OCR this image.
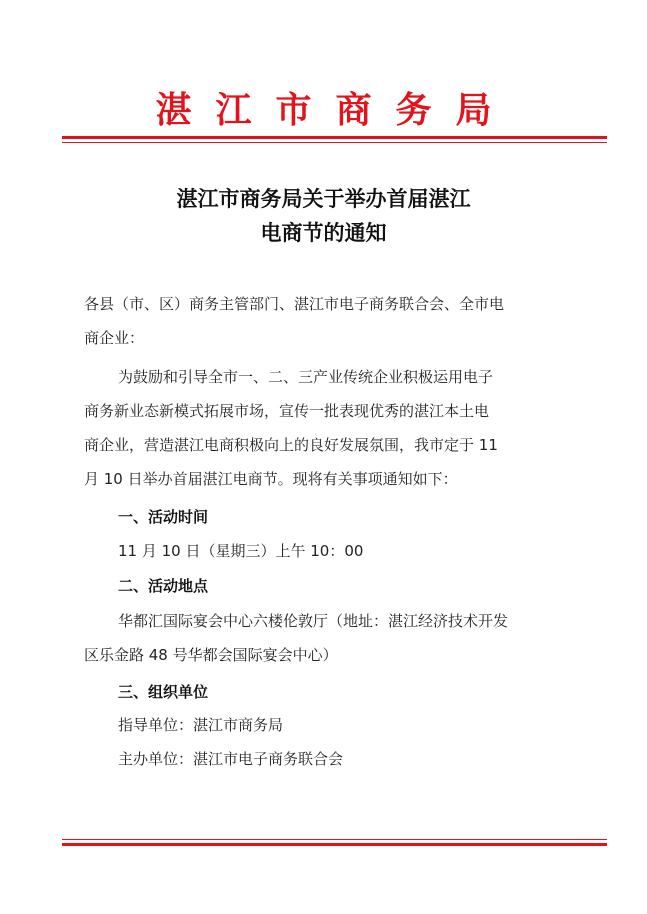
湛 江 市 商 务 局
湛江市商务局关于举办首届湛江
电商节的通知
各县（市、区）商务主管部门、湛江市电子商务联合会、全市电
商企业：
为鼓励和引导全市一、二、三产业传统企业积极运用电子
商务新业态新模式拓展市场，宣传一批表现优秀的湛江本土电
商企业，营造湛江电商积极向上的良好发展氛围，我市定于 11
月 10 日举办首届湛江电商节。现将有关事项通知如下：
一、活动时间
11 月 10 日（星期三）上午 10：00
二、活动地点
华都汇国际宴会中心六楼伦敦厅（地址：湛江经济技术开发
区乐金路 48 号华都会国际宴会中心）
三、组织单位
指导单位：湛江市商务局
主办单位：湛江市电子商务联合会
